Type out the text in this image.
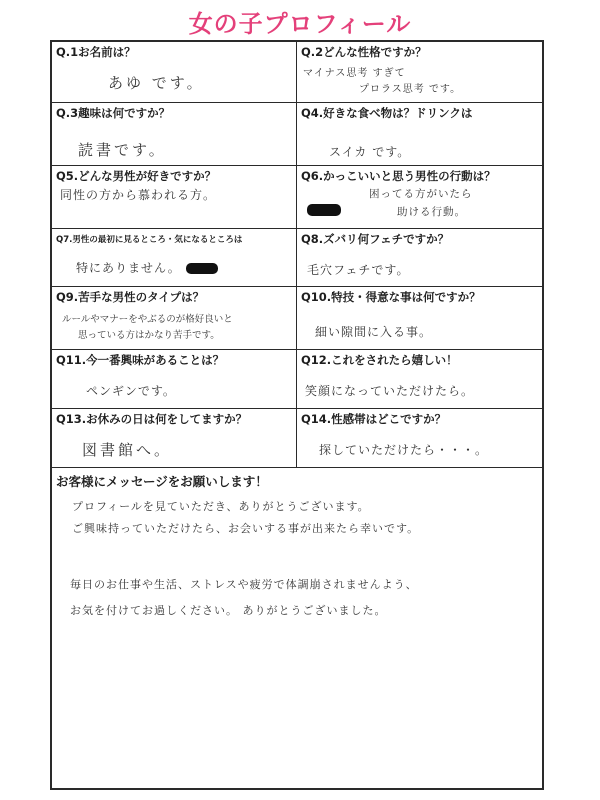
女の子プロフィール
Q.1お名前は？
あゆ です。
Q.2どんな性格ですか？
マイナス思考 すぎて
プロラス思考 です。
Q.3趣味は何ですか？
読書です。
Q4.好きな食べ物は？ドリンクは
スイカ です。
Q5.どんな男性が好きですか？
同性の方から慕われる方。
Q6.かっこいいと思う男性の行動は？
困ってる方がいたら
助ける行動。
Q7.男性の最初に見るところ・気になるところは
特にありません。
Q8.ズバリ何フェチですか？
毛穴フェチです。
Q9.苦手な男性のタイプは？
ルールやマナーをやぶるのが格好良いと
思っている方はかなり苦手です。
Q10.特技・得意な事は何ですか？
細い隙間に入る事。
Q11.今一番興味があることは？
ペンギンです。
Q12.これをされたら嬉しい！
笑顔になっていただけたら。
Q13.お休みの日は何をしてますか？
図書館へ。
Q14.性感帯はどこですか？
探していただけたら・・・。
お客様にメッセージをお願いします！
プロフィールを見ていただき、ありがとうございます。
ご興味持っていただけたら、お会いする事が出来たら幸いです。
毎日のお仕事や生活、ストレスや疲労で体調崩されませんよう、
お気を付けてお過しください。 ありがとうございました。
